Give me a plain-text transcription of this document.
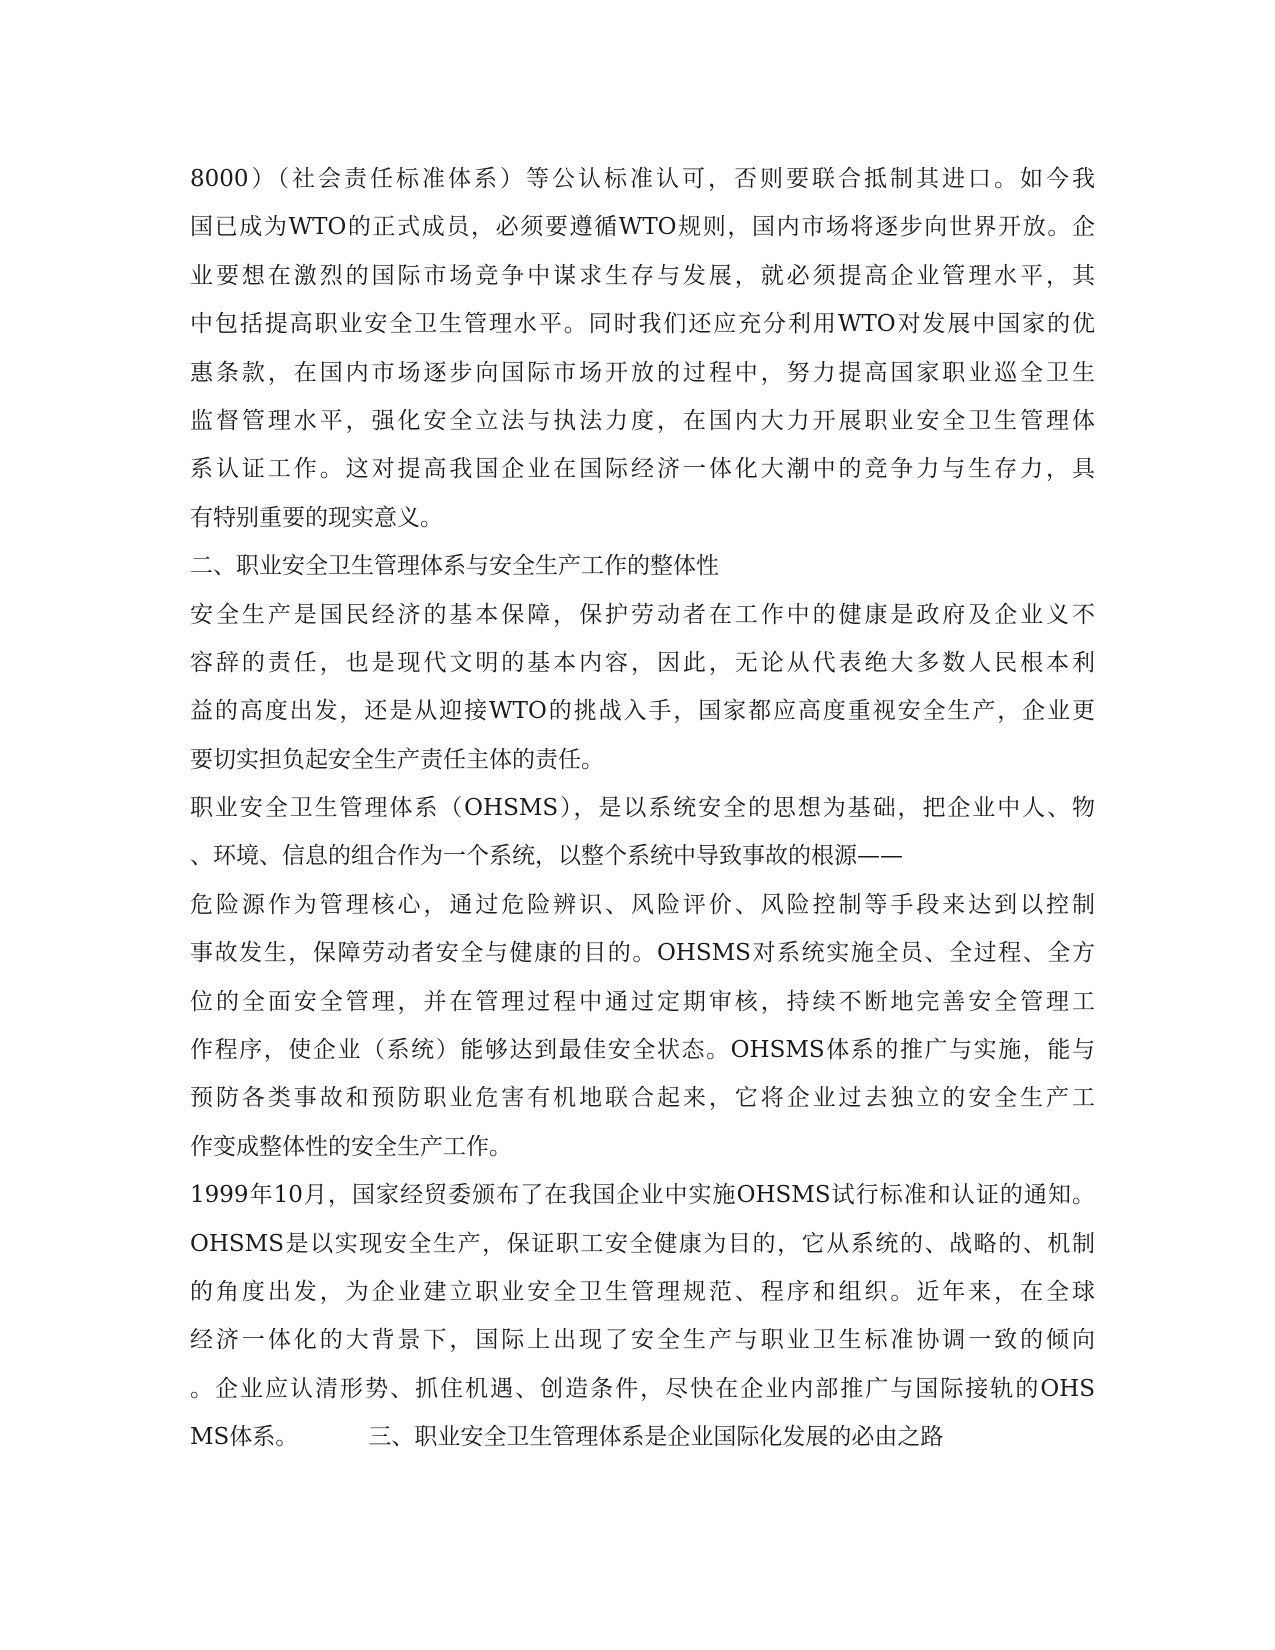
8000）（社会责任标准体系）等公认标准认可，否则要联合抵制其进口。如今我
国已成为WTO的正式成员，必须要遵循WTO规则，国内市场将逐步向世界开放。企
业要想在激烈的国际市场竞争中谋求生存与发展，就必须提高企业管理水平，其
中包括提高职业安全卫生管理水平。同时我们还应充分利用WTO对发展中国家的优
惠条款，在国内市场逐步向国际市场开放的过程中，努力提高国家职业巡全卫生
监督管理水平，强化安全立法与执法力度，在国内大力开展职业安全卫生管理体
系认证工作。这对提高我国企业在国际经济一体化大潮中的竞争力与生存力，具
有特别重要的现实意义。
二、职业安全卫生管理体系与安全生产工作的整体性
安全生产是国民经济的基本保障，保护劳动者在工作中的健康是政府及企业义不
容辞的责任，也是现代文明的基本内容，因此，无论从代表绝大多数人民根本利
益的高度出发，还是从迎接WTO的挑战入手，国家都应高度重视安全生产，企业更
要切实担负起安全生产责任主体的责任。
职业安全卫生管理体系（OHSMS），是以系统安全的思想为基础，把企业中人、物
、环境、信息的组合作为一个系统，以整个系统中导致事故的根源——
危险源作为管理核心，通过危险辨识、风险评价、风险控制等手段来达到以控制
事故发生，保障劳动者安全与健康的目的。OHSMS对系统实施全员、全过程、全方
位的全面安全管理，并在管理过程中通过定期审核，持续不断地完善安全管理工
作程序，使企业（系统）能够达到最佳安全状态。OHSMS体系的推广与实施，能与
预防各类事故和预防职业危害有机地联合起来，它将企业过去独立的安全生产工
作变成整体性的安全生产工作。
1999年10月，国家经贸委颁布了在我国企业中实施OHSMS试行标准和认证的通知。
OHSMS是以实现安全生产，保证职工安全健康为目的，它从系统的、战略的、机制
的角度出发，为企业建立职业安全卫生管理规范、程序和组织。近年来，在全球
经济一体化的大背景下，国际上出现了安全生产与职业卫生标准协调一致的倾向
。企业应认清形势、抓住机遇、创造条件，尽快在企业内部推广与国际接轨的OHS
MS体系。	三、职业安全卫生管理体系是企业国际化发展的必由之路
